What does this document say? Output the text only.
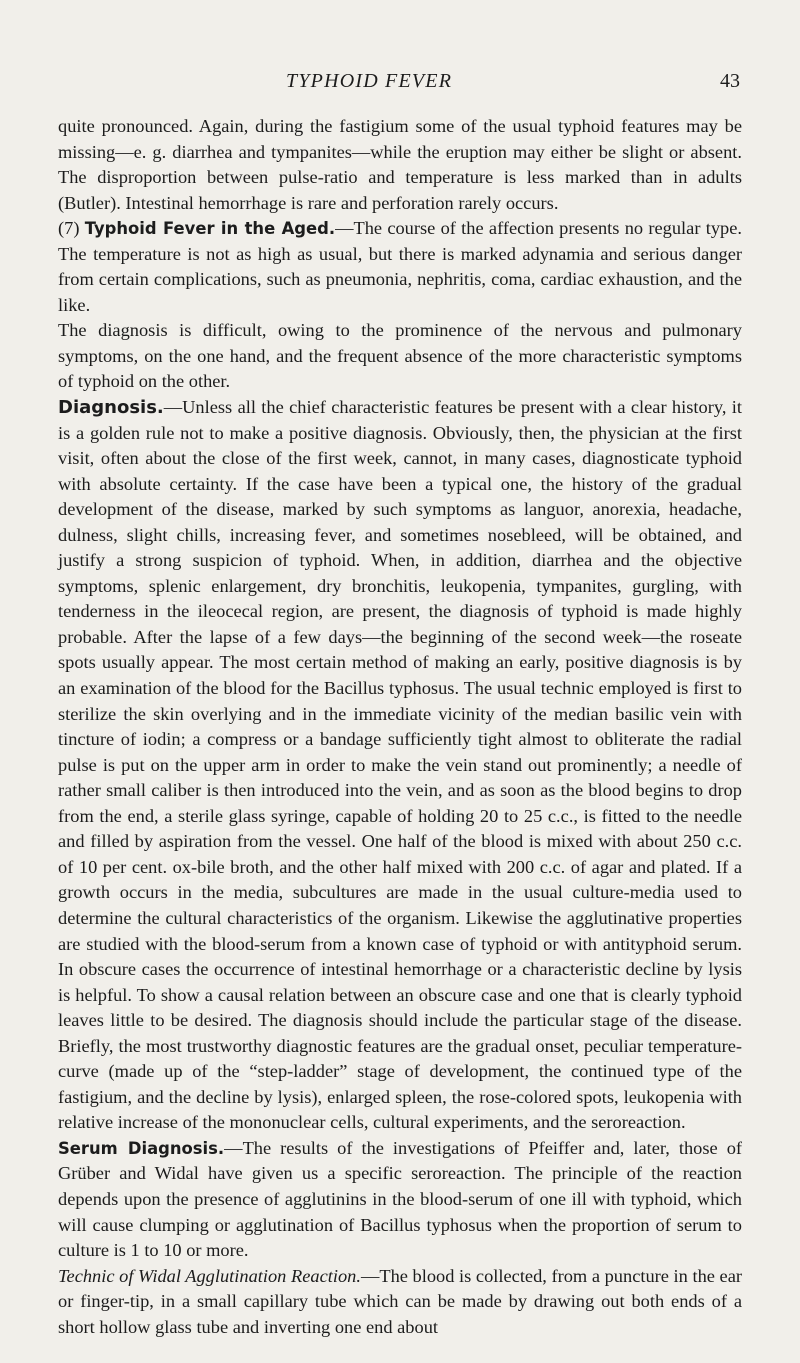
TYPHOID FEVER	43

quite pronounced. Again, during the fastigium some of the usual typhoid features may be missing—e. g. diarrhea and tympanites—while the eruption may either be slight or absent. The disproportion between pulse-ratio and temperature is less marked than in adults (Butler). Intestinal hemorrhage is rare and perforation rarely occurs.

(7) Typhoid Fever in the Aged.—The course of the affection presents no regular type. The temperature is not as high as usual, but there is marked adynamia and serious danger from certain complications, such as pneumonia, nephritis, coma, cardiac exhaustion, and the like.

The diagnosis is difficult, owing to the prominence of the nervous and pulmonary symptoms, on the one hand, and the frequent absence of the more characteristic symptoms of typhoid on the other.

Diagnosis.—Unless all the chief characteristic features be present with a clear history, it is a golden rule not to make a positive diagnosis. Obviously, then, the physician at the first visit, often about the close of the first week, cannot, in many cases, diagnosticate typhoid with absolute certainty. If the case have been a typical one, the history of the gradual development of the disease, marked by such symptoms as languor, anorexia, headache, dulness, slight chills, increasing fever, and sometimes nosebleed, will be obtained, and justify a strong suspicion of typhoid. When, in addition, diarrhea and the objective symptoms, splenic enlargement, dry bronchitis, leukopenia, tympanites, gurgling, with tenderness in the ileocecal region, are present, the diagnosis of typhoid is made highly probable. After the lapse of a few days—the beginning of the second week—the roseate spots usually appear. The most certain method of making an early, positive diagnosis is by an examination of the blood for the Bacillus typhosus. The usual technic employed is first to sterilize the skin overlying and in the immediate vicinity of the median basilic vein with tincture of iodin; a compress or a bandage sufficiently tight almost to obliterate the radial pulse is put on the upper arm in order to make the vein stand out prominently; a needle of rather small caliber is then introduced into the vein, and as soon as the blood begins to drop from the end, a sterile glass syringe, capable of holding 20 to 25 c.c., is fitted to the needle and filled by aspiration from the vessel. One half of the blood is mixed with about 250 c.c. of 10 per cent. ox-bile broth, and the other half mixed with 200 c.c. of agar and plated. If a growth occurs in the media, subcultures are made in the usual culture-media used to determine the cultural characteristics of the organism. Likewise the agglutinative properties are studied with the blood-serum from a known case of typhoid or with antityphoid serum. In obscure cases the occurrence of intestinal hemorrhage or a characteristic decline by lysis is helpful. To show a causal relation between an obscure case and one that is clearly typhoid leaves little to be desired. The diagnosis should include the particular stage of the disease. Briefly, the most trustworthy diagnostic features are the gradual onset, peculiar temperature-curve (made up of the “step-ladder” stage of development, the continued type of the fastigium, and the decline by lysis), enlarged spleen, the rose-colored spots, leukopenia with relative increase of the mononuclear cells, cultural experiments, and the seroreaction.

Serum Diagnosis.—The results of the investigations of Pfeiffer and, later, those of Grüber and Widal have given us a specific seroreaction. The principle of the reaction depends upon the presence of agglutinins in the blood-serum of one ill with typhoid, which will cause clumping or agglutination of Bacillus typhosus when the proportion of serum to culture is 1 to 10 or more.

Technic of Widal Agglutination Reaction.—The blood is collected, from a puncture in the ear or finger-tip, in a small capillary tube which can be made by drawing out both ends of a short hollow glass tube and inverting one end about
